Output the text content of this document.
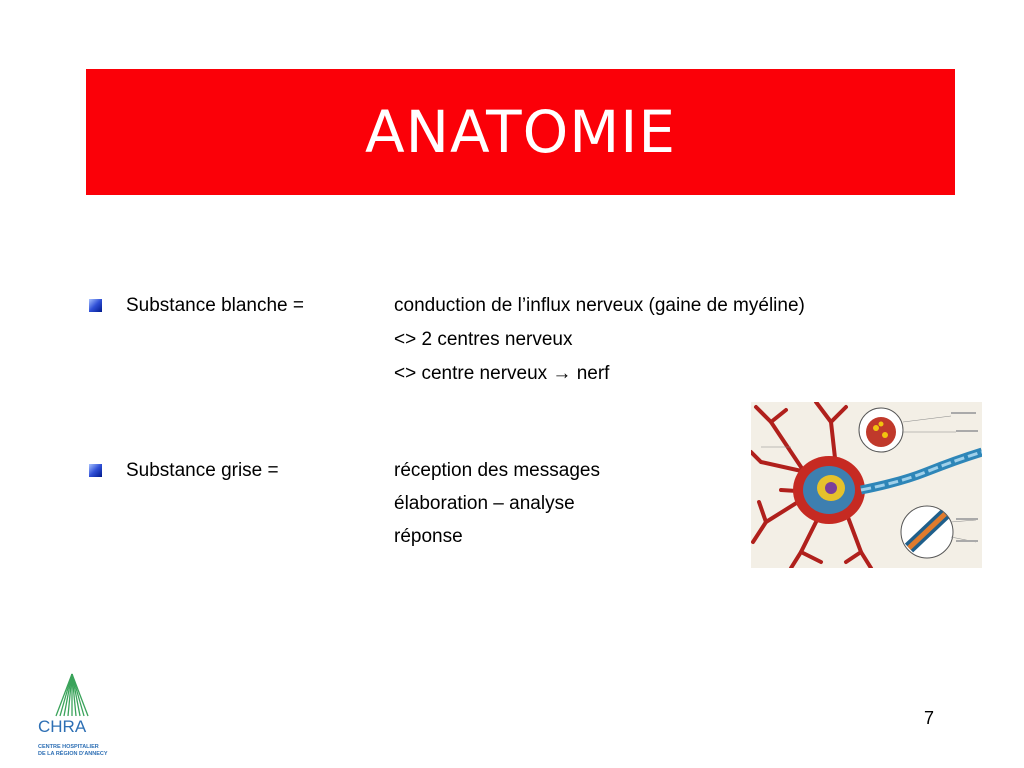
ANATOMIE
Substance blanche =	conduction de l’influx nerveux (gaine de myéline)
<> 2 centres nerveux
<> centre nerveux → nerf
Substance grise =	réception des messages
élaboration – analyse
réponse
CHRA
CENTRE HOSPITALIER
DE LA RÉGION D'ANNECY
7
